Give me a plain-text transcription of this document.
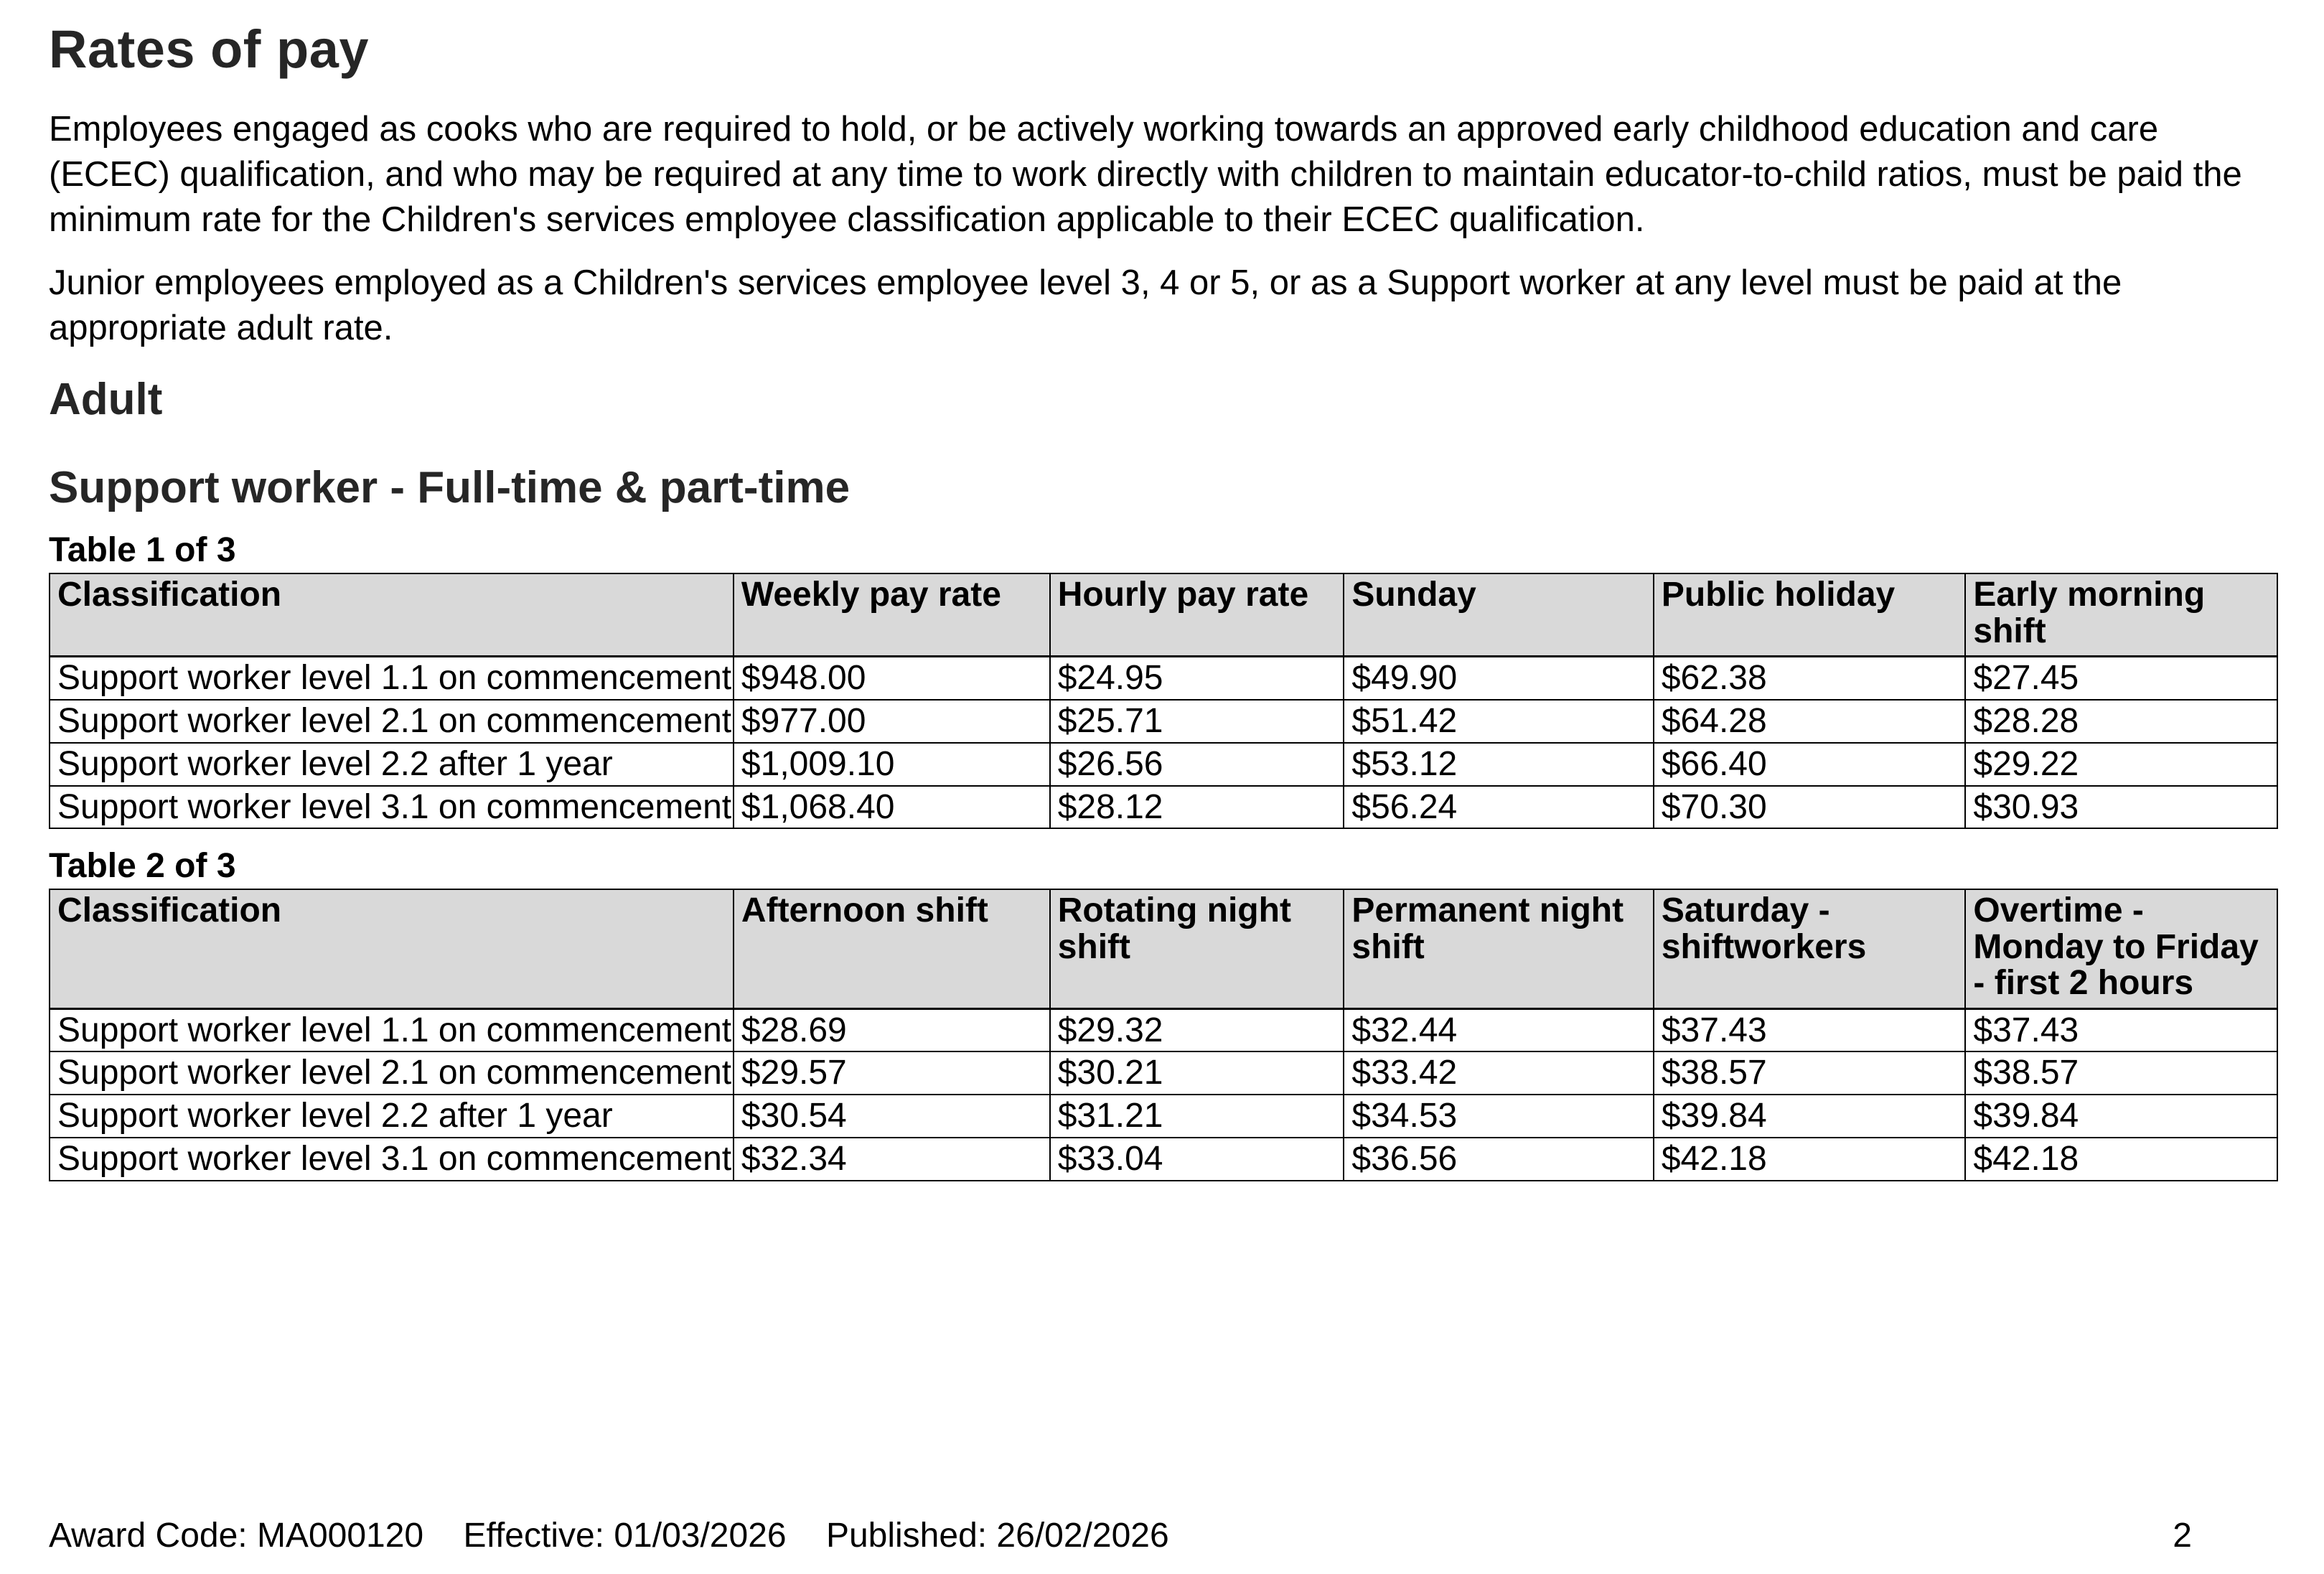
Rates of pay

Employees engaged as cooks who are required to hold, or be actively working towards an approved early childhood education and care (ECEC) qualification, and who may be required at any time to work directly with children to maintain educator-to-child ratios, must be paid the minimum rate for the Children's services employee classification applicable to their ECEC qualification.

Junior employees employed as a Children's services employee level 3, 4 or 5, or as a Support worker at any level must be paid at the appropriate adult rate.

Adult
Support worker - Full-time & part-time
Table 1 of 3
Classification	Weekly pay rate	Hourly pay rate	Sunday	Public holiday	Early morning shift
Support worker level 1.1 on commencement	$948.00	$24.95	$49.90	$62.38	$27.45
Support worker level 2.1 on commencement	$977.00	$25.71	$51.42	$64.28	$28.28
Support worker level 2.2 after 1 year	$1,009.10	$26.56	$53.12	$66.40	$29.22
Support worker level 3.1 on commencement	$1,068.40	$28.12	$56.24	$70.30	$30.93
Table 2 of 3
Classification	Afternoon shift	Rotating night shift	Permanent night shift	Saturday - shiftworkers	Overtime - Monday to Friday - first 2 hours
Support worker level 1.1 on commencement	$28.69	$29.32	$32.44	$37.43	$37.43
Support worker level 2.1 on commencement	$29.57	$30.21	$33.42	$38.57	$38.57
Support worker level 2.2 after 1 year	$30.54	$31.21	$34.53	$39.84	$39.84
Support worker level 3.1 on commencement	$32.34	$33.04	$36.56	$42.18	$42.18
Award Code: MA000120 Effective: 01/03/2026 Published: 26/02/2026	2
